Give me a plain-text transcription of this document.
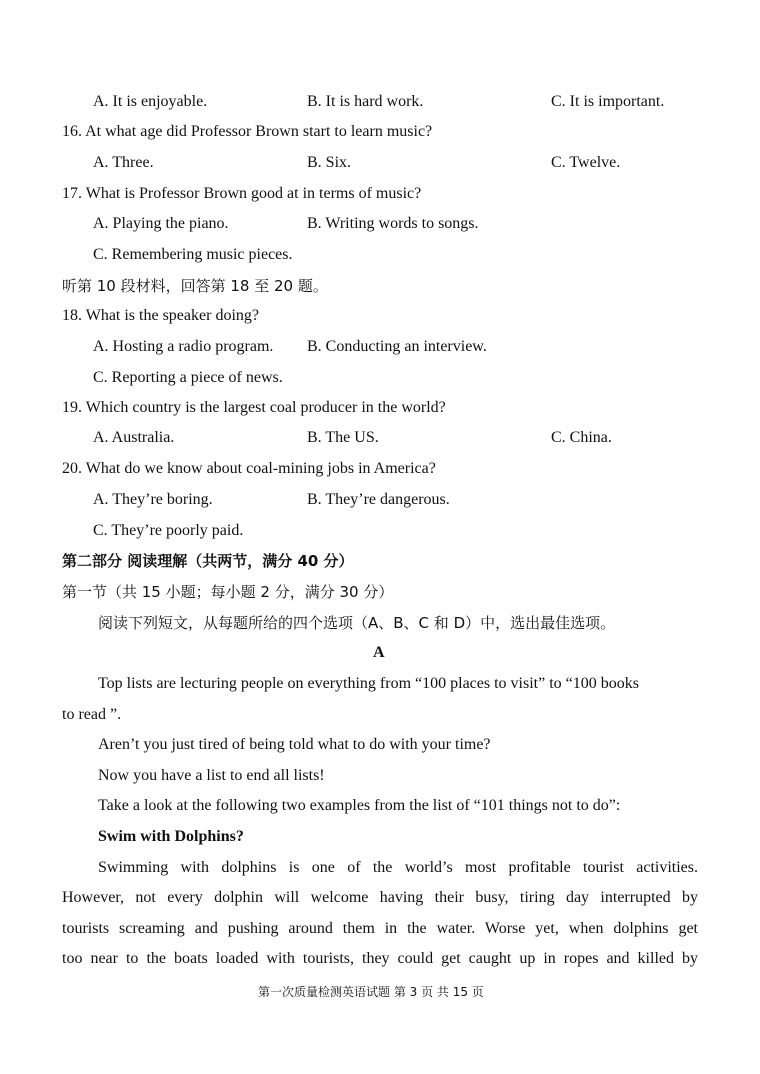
A. It is enjoyable.	B. It is hard work.	C. It is important.
16. At what age did Professor Brown start to learn music?
A. Three.	B. Six.	C. Twelve.
17. What is Professor Brown good at in terms of music?
A. Playing the piano.	B. Writing words to songs.
C. Remembering music pieces.
听第 10 段材料，回答第 18 至 20 题。
18. What is the speaker doing?
A. Hosting a radio program. B. Conducting an interview.
C. Reporting a piece of news.
19. Which country is the largest coal producer in the world?
A. Australia.	B. The US.	C. China.
20. What do we know about coal-mining jobs in America?
A. They’re boring.	B. They’re dangerous.
C. They’re poorly paid.
第二部分 阅读理解（共两节，满分 40 分）
第一节（共 15 小题；每小题 2 分，满分 30 分）
阅读下列短文，从每题所给的四个选项（A、B、C 和 D）中，选出最佳选项。
A
Top lists are lecturing people on everything from “100 places to visit” to “100 books
to read ”.
Aren’t you just tired of being told what to do with your time?
Now you have a list to end all lists!
Take a look at the following two examples from the list of “101 things not to do”:
Swim with Dolphins?
Swimming with dolphins is one of the world’s most profitable tourist activities.
However, not every dolphin will welcome having their busy, tiring day interrupted by
tourists screaming and pushing around them in the water. Worse yet, when dolphins get
too near to the boats loaded with tourists, they could get caught up in ropes and killed by
第一次质量检测英语试题 第 3 页 共 15 页
